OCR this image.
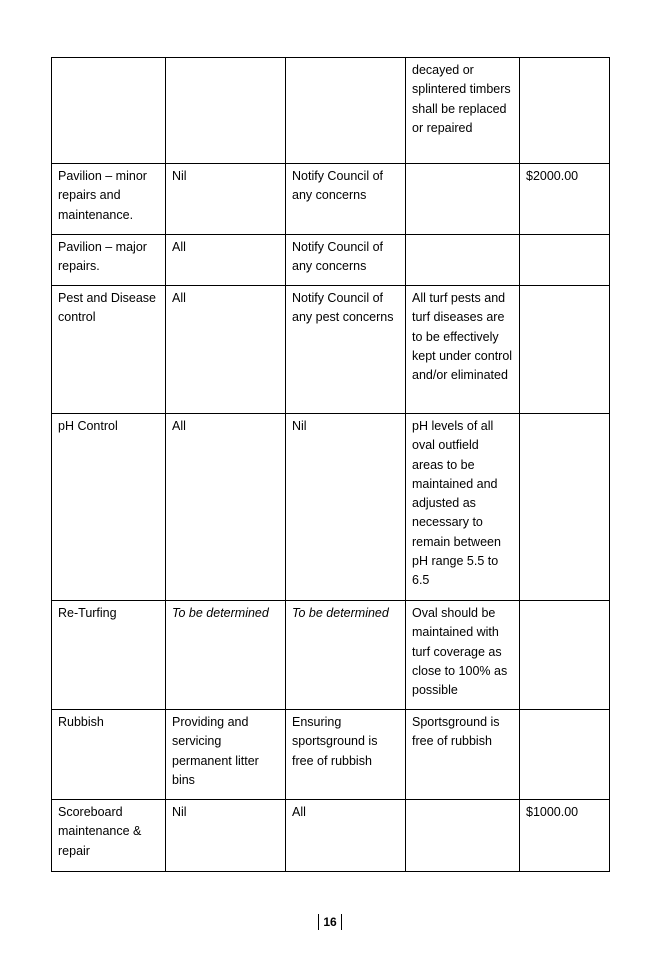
			decayed or splintered timbers shall be replaced or repaired	
Pavilion – minor repairs and maintenance.	Nil	Notify Council of any concerns		$2000.00
Pavilion – major repairs.	All	Notify Council of any concerns		
Pest and Disease control	All	Notify Council of any pest concerns	All turf pests and turf diseases are to be effectively kept under control and/or eliminated	
pH Control	All	Nil	pH levels of all oval outfield areas to be maintained and adjusted as necessary to remain between pH range 5.5 to 6.5	
Re-Turfing	To be determined	To be determined	Oval should be maintained with turf coverage as close to 100% as possible	
Rubbish	Providing and servicing permanent litter bins	Ensuring sportsground is free of rubbish	Sportsground is free of rubbish	
Scoreboard maintenance & repair	Nil	All		$1000.00
16
